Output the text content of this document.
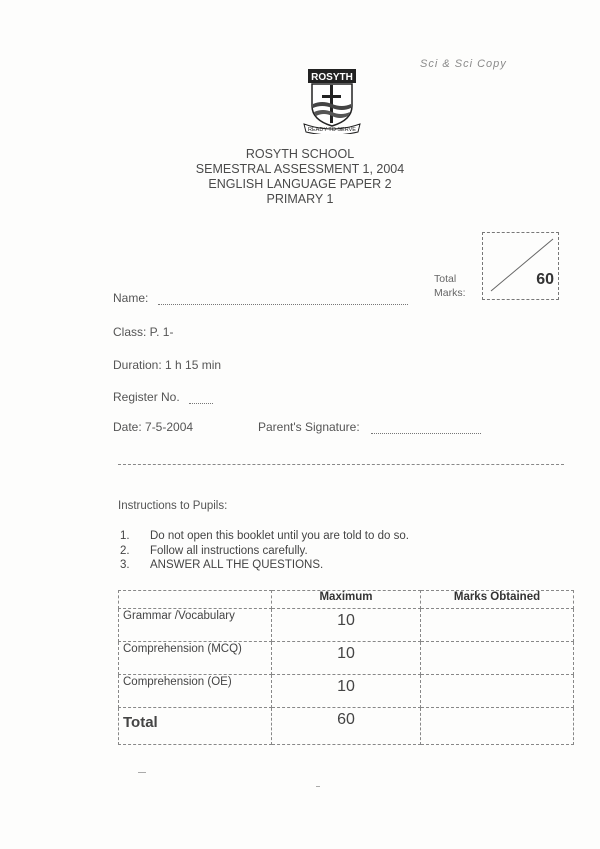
Sci & Sci Copy
ROSYTH
READY TO SERVE
ROSYTH SCHOOL
SEMESTRAL ASSESSMENT 1, 2004
ENGLISH LANGUAGE PAPER 2
PRIMARY 1
Total
Marks:
60
Name:
Class: P. 1-
Duration: 1 h 15 min
Register No.
Date: 7-5-2004	Parent's Signature:
Instructions to Pupils:
1. Do not open this booklet until you are told to do so.
2. Follow all instructions carefully.
3. ANSWER ALL THE QUESTIONS.
	Maximum	Marks Obtained
Grammar /Vocabulary	10	
Comprehension (MCQ)	10	
Comprehension (OE)	10	
Total	60	
